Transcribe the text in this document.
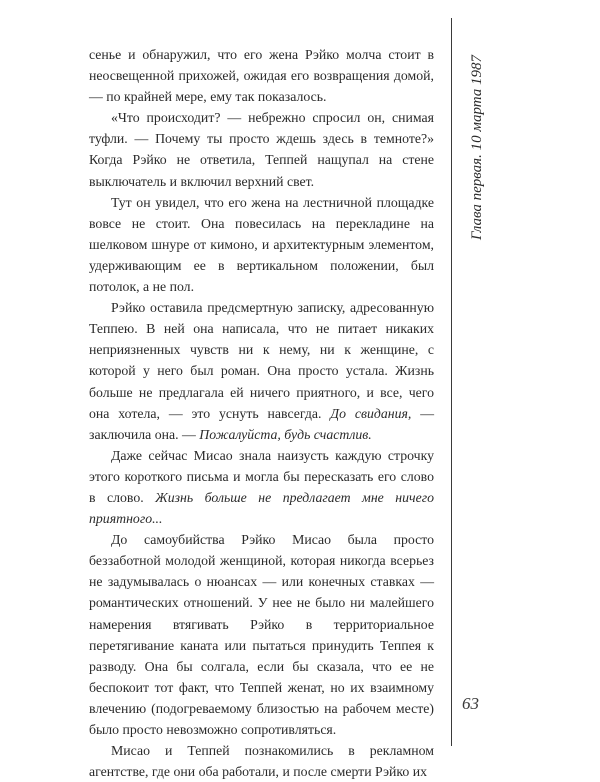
сенье и обнаружил, что его жена Рэйко молча стоит в неосвещенной прихожей, ожидая его возвращения домой, — по крайней мере, ему так показалось.

«Что происходит? — небрежно спросил он, снимая туфли. — Почему ты просто ждешь здесь в темноте?» Когда Рэйко не ответила, Теппей нащупал на стене выключатель и включил верхний свет.

Тут он увидел, что его жена на лестничной площадке вовсе не стоит. Она повесилась на перекладине на шелковом шнуре от кимоно, и архитектурным элементом, удерживающим ее в вертикальном положении, был потолок, а не пол.

Рэйко оставила предсмертную записку, адресованную Теппею. В ней она написала, что не питает никаких неприязненных чувств ни к нему, ни к женщине, с которой у него был роман. Она просто устала. Жизнь больше не предлагала ей ничего приятного, и все, чего она хотела, — это уснуть навсегда. До свидания, — заключила она. — Пожалуйста, будь счастлив.

Даже сейчас Мисао знала наизусть каждую строчку этого короткого письма и могла бы пересказать его слово в слово. Жизнь больше не предлагает мне ничего приятного...

До самоубийства Рэйко Мисао была просто беззаботной молодой женщиной, которая никогда всерьез не задумывалась о нюансах — или конечных ставках — романтических отношений. У нее не было ни малейшего намерения втягивать Рэйко в территориальное перетягивание каната или пытаться принудить Теппея к разводу. Она бы солгала, если бы сказала, что ее не беспокоит тот факт, что Теппей женат, но их взаимному влечению (подогреваемому близостью на рабочем месте) было просто невозможно сопротивляться.

Мисао и Теппей познакомились в рекламном агентстве, где они оба работали, и после смерти Рэйко их

Глава первая. 10 марта 1987
63
